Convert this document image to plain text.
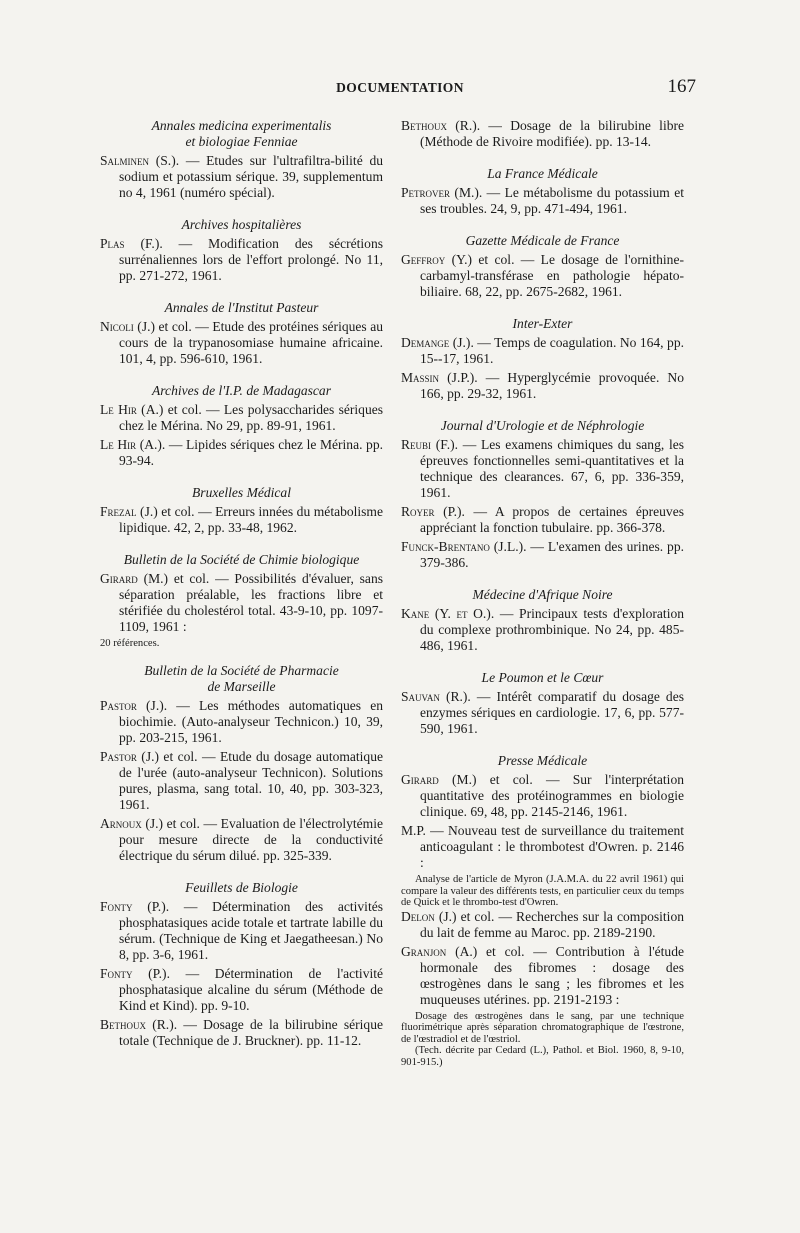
DOCUMENTATION	167
Annales medicina experimentalis
et biologiae Fenniae

Salminen (S.). — Etudes sur l'ultrafiltra-bilité du sodium et potassium sérique. 39, supplementum no 4, 1961 (numéro spécial).

Archives hospitalières

Plas (F.). — Modification des sécrétions surrénaliennes lors de l'effort prolongé. No 11, pp. 271-272, 1961.

Annales de l'Institut Pasteur

Nicoli (J.) et col. — Etude des protéines sériques au cours de la trypanosomiase humaine africaine. 101, 4, pp. 596-610, 1961.

Archives de l'I.P. de Madagascar

Le Hir (A.) et col. — Les polysaccharides sériques chez le Mérina. No 29, pp. 89-91, 1961.

Le Hir (A.). — Lipides sériques chez le Mérina. pp. 93-94.

Bruxelles Médical

Frezal (J.) et col. — Erreurs innées du métabolisme lipidique. 42, 2, pp. 33-48, 1962.

Bulletin de la Société de Chimie biologique

Girard (M.) et col. — Possibilités d'évaluer, sans séparation préalable, les fractions libre et stérifiée du cholestérol total. 43-9-10, pp. 1097-1109, 1961 :

20 références.

Bulletin de la Société de Pharmacie
de Marseille

Pastor (J.). — Les méthodes automatiques en biochimie. (Auto-analyseur Technicon.) 10, 39, pp. 203-215, 1961.

Pastor (J.) et col. — Etude du dosage automatique de l'urée (auto-analyseur Technicon). Solutions pures, plasma, sang total. 10, 40, pp. 303-323, 1961.

Arnoux (J.) et col. — Evaluation de l'électrolytémie pour mesure directe de la conductivité électrique du sérum dilué. pp. 325-339.

Feuillets de Biologie

Fonty (P.). — Détermination des activités phosphatasiques acide totale et tartrate labille du sérum. (Technique de King et Jaegatheesan.) No 8, pp. 3-6, 1961.

Fonty (P.). — Détermination de l'activité phosphatasique alcaline du sérum (Méthode de Kind et Kind). pp. 9-10.

Bethoux (R.). — Dosage de la bilirubine sérique totale (Technique de J. Bruckner). pp. 11-12.

Bethoux (R.). — Dosage de la bilirubine libre (Méthode de Rivoire modifiée). pp. 13-14.

La France Médicale

Petrover (M.). — Le métabolisme du potassium et ses troubles. 24, 9, pp. 471-494, 1961.

Gazette Médicale de France

Geffroy (Y.) et col. — Le dosage de l'ornithine-carbamyl-transférase en pathologie hépato-biliaire. 68, 22, pp. 2675-2682, 1961.

Inter-Exter

Demange (J.). — Temps de coagulation. No 164, pp. 15--17, 1961.

Massin (J.P.). — Hyperglycémie provoquée. No 166, pp. 29-32, 1961.

Journal d'Urologie et de Néphrologie

Reubi (F.). — Les examens chimiques du sang, les épreuves fonctionnelles semi-quantitatives et la technique des clearances. 67, 6, pp. 336-359, 1961.

Royer (P.). — A propos de certaines épreuves appréciant la fonction tubulaire. pp. 366-378.

Funck-Brentano (J.L.). — L'examen des urines. pp. 379-386.

Médecine d'Afrique Noire

Kane (Y. et O.). — Principaux tests d'exploration du complexe prothrombinique. No 24, pp. 485-486, 1961.

Le Poumon et le Cœur

Sauvan (R.). — Intérêt comparatif du dosage des enzymes sériques en cardiologie. 17, 6, pp. 577-590, 1961.

Presse Médicale

Girard (M.) et col. — Sur l'interprétation quantitative des protéinogrammes en biologie clinique. 69, 48, pp. 2145-2146, 1961.

M.P. — Nouveau test de surveillance du traitement anticoagulant : le thrombotest d'Owren. p. 2146 :

Analyse de l'article de Myron (J.A.M.A. du 22 avril 1961) qui compare la valeur des différents tests, en particulier ceux du temps de Quick et le thrombo-test d'Owren.

Delon (J.) et col. — Recherches sur la composition du lait de femme au Maroc. pp. 2189-2190.

Granjon (A.) et col. — Contribution à l'étude hormonale des fibromes : dosage des œstrogènes dans le sang ; les fibromes et les muqueuses utérines. pp. 2191-2193 :

Dosage des œstrogènes dans le sang, par une technique fluorimétrique après séparation chromatographique de l'œstrone, de l'œstradiol et de l'œstriol.

(Tech. décrite par Cedard (L.), Pathol. et Biol. 1960, 8, 9-10, 901-915.)
